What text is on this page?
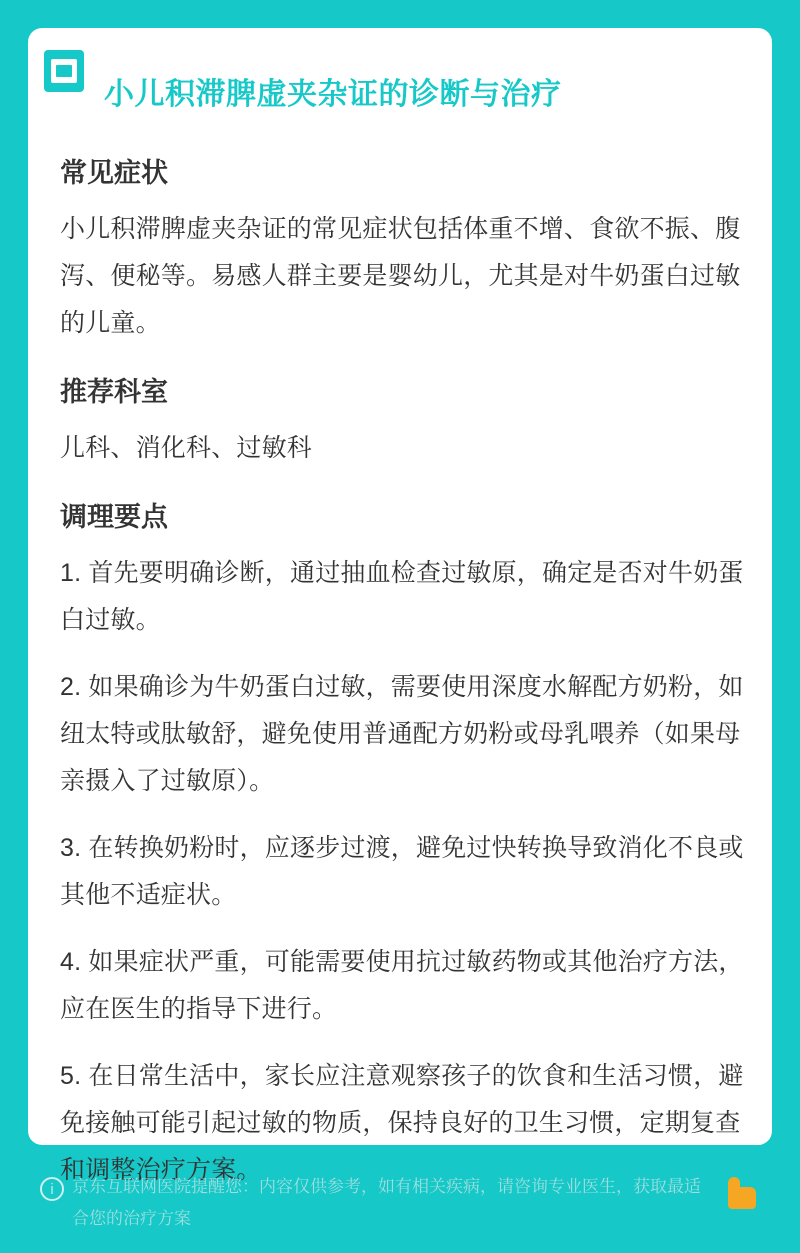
小儿积滞脾虚夹杂证的诊断与治疗
常见症状

小儿积滞脾虚夹杂证的常见症状包括体重不增、食欲不振、腹泻、便秘等。易感人群主要是婴幼儿，尤其是对牛奶蛋白过敏的儿童。

推荐科室

儿科、消化科、过敏科

调理要点

1. 首先要明确诊断，通过抽血检查过敏原，确定是否对牛奶蛋白过敏。

2. 如果确诊为牛奶蛋白过敏，需要使用深度水解配方奶粉，如纽太特或肽敏舒，避免使用普通配方奶粉或母乳喂养（如果母亲摄入了过敏原）。

3. 在转换奶粉时，应逐步过渡，避免过快转换导致消化不良或其他不适症状。

4. 如果症状严重，可能需要使用抗过敏药物或其他治疗方法，应在医生的指导下进行。

5. 在日常生活中，家长应注意观察孩子的饮食和生活习惯，避免接触可能引起过敏的物质，保持良好的卫生习惯，定期复查和调整治疗方案。

i	京东互联网医院提醒您：内容仅供参考，如有相关疾病，请咨询专业医生，获取最适合您的治疗方案
